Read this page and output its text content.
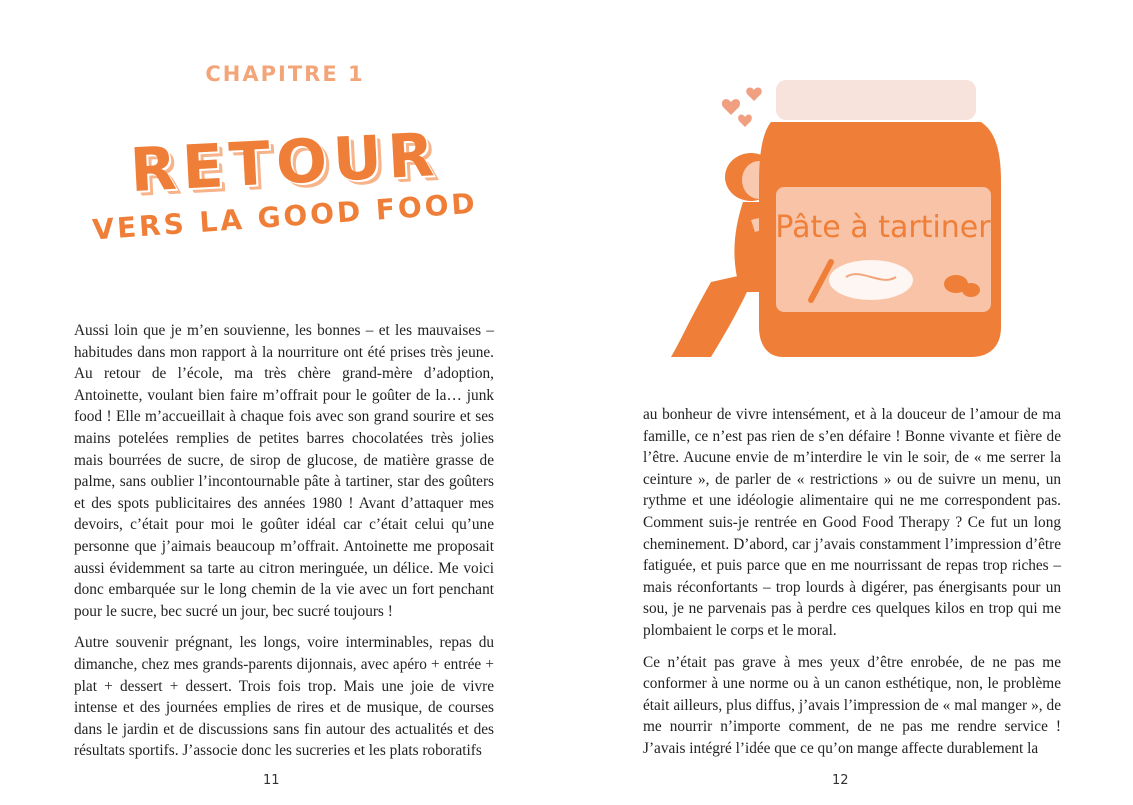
CHAPITRE 1
RETOUR
VERS LA GOOD FOOD

Aussi loin que je m’en souvienne, les bonnes – et les mauvaises – habitudes dans mon rapport à la nourriture ont été prises très jeune. Au retour de l’école, ma très chère grand-mère d’adoption, Antoinette, voulant bien faire m’offrait pour le goûter de la… junk food ! Elle m’accueillait à chaque fois avec son grand sourire et ses mains potelées remplies de petites barres chocolatées très jolies mais bourrées de sucre, de sirop de glucose, de matière grasse de palme, sans oublier l’incontournable pâte à tartiner, star des goûters et des spots publicitaires des années 1980 ! Avant d’attaquer mes devoirs, c’était pour moi le goûter idéal car c’était celui qu’une personne que j’aimais beaucoup m’offrait. Antoinette me proposait aussi évidemment sa tarte au citron meringuée, un délice. Me voici donc embarquée sur le long chemin de la vie avec un fort penchant pour le sucre, bec sucré un jour, bec sucré toujours !

Autre souvenir prégnant, les longs, voire interminables, repas du dimanche, chez mes grands-parents dijonnais, avec apéro + entrée + plat + dessert + dessert. Trois fois trop. Mais une joie de vivre intense et des journées emplies de rires et de musique, de courses dans le jardin et de discussions sans fin autour des actualités et des résultats sportifs. J’associe donc les sucreries et les plats roboratifs

11
Pâte à tartiner

au bonheur de vivre intensément, et à la douceur de l’amour de ma famille, ce n’est pas rien de s’en défaire ! Bonne vivante et fière de l’être. Aucune envie de m’interdire le vin le soir, de « me serrer la ceinture », de parler de « restrictions » ou de suivre un menu, un rythme et une idéologie alimentaire qui ne me correspondent pas. Comment suis-je rentrée en Good Food Therapy ? Ce fut un long cheminement. D’abord, car j’avais constamment l’impression d’être fatiguée, et puis parce que en me nourrissant de repas trop riches – mais réconfortants – trop lourds à digérer, pas énergisants pour un sou, je ne parvenais pas à perdre ces quelques kilos en trop qui me plombaient le corps et le moral.

Ce n’était pas grave à mes yeux d’être enrobée, de ne pas me conformer à une norme ou à un canon esthétique, non, le problème était ailleurs, plus diffus, j’avais l’impression de « mal manger », de me nourrir n’importe comment, de ne pas me rendre service ! J’avais intégré l’idée que ce qu’on mange affecte durablement la

12
